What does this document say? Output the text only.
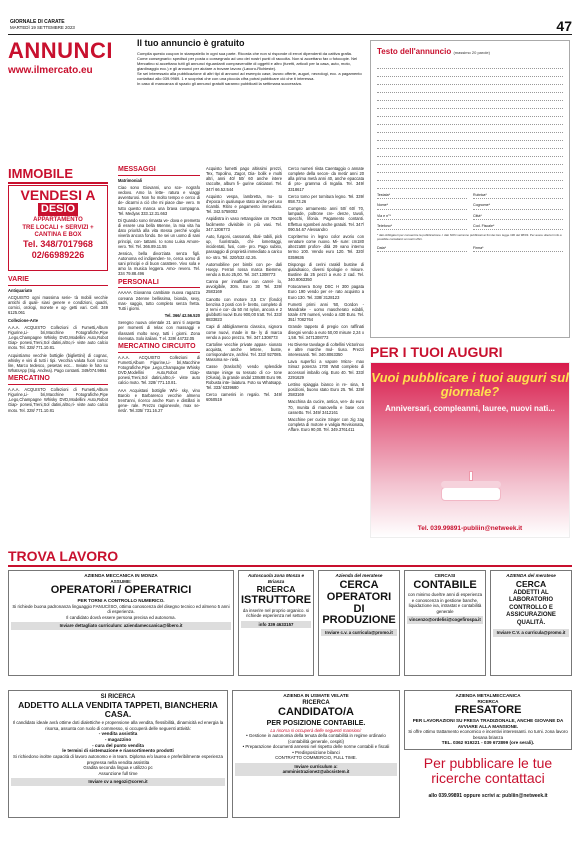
GIORNALE DI CARATE
MARTEDÌ 19 SETTEMBRE 2023	47
ANNUNCI
www.ilmercato.eu
Il tuo annuncio è gratuito

Compila questo coupon in stampatello in ogni sua parte. Ricorda che non si risponde di errori dipendenti da cattiva grafia.

Come consegnarlo: spedisci per posta o consegnalo ad uno dei nostri punti di raccolta. Non si accettano fax o fotocopie. Nel Mercatino si accettano tutti gli annunci riguardanti compravendite di oggetti e altro (furetti, articoli per la casa, auto, moto, giardinaggio ecc.) e gli annunci per aiutare a trovare lavoro (Lavoro-Richieste).

Se sei interessato alla pubblicazione di altri tipi di annunci ad esempio case, lavoro offerte, auguri, necrologi, ecc. a pagamento contattaci allo 039.9989. 1 e scoprirai che con una piccola cifra potrai pubblicare ciò che ti interessa.

In caso di mancanza di spazio gli annunci gratuiti saranno pubblicati la settimana successiva.

Testo dell'annuncio (massimo 20 parole)
Testata*	Rubrica*
Nome*	Cognome*
Via e n°*	Città*
Telefono*	Cod. Fiscale*
* dati obbligatori per consentire la pubblicazione. I dati NON verranno pubblicati ai fini dei loro legge 196 del 98/03. Per avere ulteriori info è possibile contattarci ai nostri uffici.
Data*	Firma*
IMMOBILE
VENDESI A
DESIO
APPARTAMENTO
TRE LOCALI + SERVIZI + CANTINA E BOX
Tel. 348/7017968 02/66989226
VARIE

Antiquariato

ACQUISTO ogni massima serie- tà mobili vecchie antichi di quali- siasi genere e condizioni, quadri, cornici, orologi, monete e og- getti vari. Cell. 349 6125.061

Collezione-Arte

A.A.A. ACQUISTO Collezioni di Fumetti,Album Figurine,Li- bri,Macchine Fotografiche,Pipe ,Lego,Champagne Whisky DVD,Modellini Auto,Robot Giap- ponesi,Treni,Sol datini,altro,ri- viste auto calcio moto. Tel. 328/ 771.10.81.

Acquistiamo vecchie bottiglie (bigliettini) di cognac, whisky e vini di tutti i tipi. Vecchia valuta fuori corso: lire, Marco tedesco, pesetas ecc... Inviate le foto su WhatsApp (Sig. Andrea). Pago contanti. 349/074.9864

MERCATINO

A.A.A. ACQUISTO Collezioni di Fumetti,Album Figurine,Li- bri,Macchine Fotografiche,Pipe ,Lego,Champagne Whisky DVD,Modellini Auto,Robot Giap- ponesi,Treni,Sol datini,altro,ri- viste auto calcio moto. Tel. 328/ 771.10.81

MESSAGGI

Matrimoniali

Ciao sono Giovanni, uno sce- nografo vedovo. Amo la lette- ratura e viaggi avventurosi. Non ho molto tempo e cerco di de- dicarmi a ciò che mi piace dav- vero. In tutto questo manca una brava compagna. Tel. Medyas 333.12.31.663

Di Quando sono rimasta ve- dova e premetto di essere una bella 66enne, la mia vita ha dato priorità alla vita stessa perché voglio viverla ancora fondo. Se sei un uomo di sani principi, con- tattami. Io sono Luisa Amore- vero. Tel. Tel. 366.89.11.55

Jessica, bella divorziata senza figli. Autonoma ed indipenden- te, cerca uomo di sani principi e di buon carattere. Vivo sola e amo la musica leggera. Amo- revero. Tel. 334 79.88.496

PERSONALI

AAAAA Giovanna cambiate nuova ragazza coreana 24enne bellissima, bionda, sexy, mas- saggio, tutto completo senza fretta. Tutti i giorni.

Tel. 366/ 42.56.520

Seregno nuova orientale 21 anni ti aspetta per momenti di relax con massaggi e rilassanti molto sexy, tutti i giorni. Zona riservata. Solo italiani. T el. 339/ 44732.05

MERCATINO CIRCUITO

A.A.A. ACQUISTO Collezioni di Fumetti,Album Figurine,Li- bri,Macchine Fotografiche,Pipe ,Lego,Champagne Whisky DVD,Modellini Auto,Robot Giap- ponesi,Treni,Sol datini,altro,ri- viste auto calcio moto. Tel. 328/ 771.10.81.

AAA Acquistasi bottiglie Whi- sky, vino Barolo e Barbaresco vecchie almeno trent'anni, ricerco anche Rum e distillati in gene- rale. Prezzo ragionevole, max se- rietà'. Tel.335/ 731.16.27

Acquisto fumetti pago altissimi prezzi, Tex, Topolino, Zagor, Dia- bolik e molti altri, anni 40/ 50/ 60 anche intere raccolte, album fi- gurine calciatori. Tel. 347/ 66.52.544

Acquisto vespa, lambretta, mo- to d'epoca in qualunque stato anche per uso ricambi. Ritiro e pagamento immediato. Tel. 342.5758002

Aspidistra in vaso rettangolare cm 70x35 facilmente divisibile in più vasi. Tel. 347.1308773

Auto, furgoni, cassonati, ribal- tabili, pick up, fuoristrada, chi- lometraggi, incidentati, fusi, com- pro. Pago subito, passaggio di proprietà immediato a carico no- stro. Tel. 320/532 42.26.

Automobiline per bimbi con pe- dali Hoepy. Ferrari rossa marca Biemme, vendo a Euro 25,00. Tel. 347.1308773

Canna per innaffiare con carrel- lo, avvolgibile, 30m. Euro 30 Tel. 339/ 2583169

Canotto con motore 3,5 CV (fondo) benzina 3 posti con li- bretto, completo di 2 remi e cor- da 50 mt nylon, ancora e 2 giubbotti nuovi Euro 900,00 tratt. Tel. 333/ 8833823

Capi di abbigliamento classico, signora come nuovi, made in Ita- ly di marca vendo a poco prezzo. Tel. 347.1308773

Cartoline vecchie private appas- sionato acquista, anche lettere, buste, corrispondenze, archivi. Tel. 333/ 927085. Massima se- rietà.

Casse (traslochi) vendo splendide stampe inisge su tessuto di co- tone (Olusia), la grande ondal 138x88 Euro 99. Robusta inte- laiatura. Foto su Whatsapp. Tel. 333/ 6339680

Cerco camerini in regalo. Tel. 349/ 6050519

Cerco numeri riista Caentaggio o annate complete della secon- da metà' anni 20 alla prima metà anni 40, anche epaccata di pro- gramma di Ingalia. Tel. 349/ 3318617

Cerco tomo per tornitura legno. Tel. 339/ 858.73.26

Compro armamento anni 50/ 60/ 70, lampade, poltrone cre- denze, tavoli, specchi, lifonia. Pagamento contanti. Effettuo sgomberi anche gratuiti. Tel. 347/ 090.54.67 Alessandro

Copritermo in legno color avorio con venature come nuovo. Mi- sure: cm180 altezza58 profon- dità 29 vano interno termo 100. Vendo euro 120. Tel. 320/ 0359636

Dispongo di cerini rarakil bustine di gialadsaico, diversi tipologie e misure. Bustine da 25 pezzi a euro 2 cad. Tel. 340.8063350

Fotocamera Sony DSC H 300 pagata Euro 190 vendo per er- rato acquisto a Euro 130. Tel. 338/ 3128123

Fumetti primi anni '60, Gordon - Mandrake - uomo mascherato edabli, totale 478 numeri, vendo a 430 Euro. Tel. 351/ 7082764

Grande tappeto di pregio con raffinati disegni vendo a euro 50,00 misure 2,24 x 1,58. Tel. 3471308773

Ho Diverse tavolage di coltellini Victorinox e altre marche mul- tiuso. Prezzi interessanti. Tel. 340.8063350

Lava superfici a vapore Micro- max Simaz potenza 1700 Watt completo di accessori imballo orig. Euro 40. Tel. 333/ 2291629

Lettino spiaggia bianco in re- sina, 5 posizioni, buono stato Euro 25. Tel. 339/ 2583169

Macchina da cucire, antica, ven- do euro 70, munita di manovella e base con cassetto. Tel. 349/ 3412161

Macchine per cucire Singer con zig zag completa di motore e valigia Revisionata, Affare. Euro 90,00. Tel. 349.3761411

PER I TUOI AUGURI
Vuoi pubblicare i tuoi auguri sul giornale?
Anniversari, compleanni, lauree, nuovi nati...
Tel. 039.99891-publiin@netweek.it
TROVA LAVORO
AZIENDA MECCANICA IN MONZA
ASSUME:
OPERATORI / OPERATRICI
PER TORNI A CONTROLLO NUMERICO.
Si richiede buona padronanza linguaggio FANUC/ISO, ottima conoscenza del disegno tecnico ed almeno 5 anni di esperienza.
Il candidato dovrà essere persona precisa ed autonoma.
Inviare dettagliato curriculum: aziendameccanica@libero.it
Autoscuola zona Monza e Brianza
RICERCA
ISTRUTTORE
da inserire nel proprio organico. si richiede esperienza nel settore
info 339 4633157
Azienda del meratese
CERCA
OPERATORI DI PRODUZIONE
Inviare c.v. a curricula@promo.it
CERCASI
CONTABILE
con minimo due/tre anni di esperienza e conoscenza in gestione banche, liquidazione iva, intrastat e contabilità generale
vincenzo@ordelisi@cogefirospa.it
AZIENDA del meratese
CERCA
ADDETTI AL LABORATORIO CONTROLLO E ASSICURAZIONE QUALITÀ.
Inviare C.V. a curricula@promo.it
SI RICERCA
ADDETTO ALLA VENDITA TAPPETI, BIANCHERIA CASA.
Il candidato ideale avrà ottime doti dialettiche e propensione alla vendita, flessibilità, dinamicità ed energia la risorsa, assunta con ruolo di commesso, si occuperà delle seguenti attività:
- vendita assistita
- magazzino
- cura del punto vendita
le termini di sistemazione e riassortimento prodotti
Si richiedono inoltre capacità di lavoro autonomo e in team. Diploma e/o laurea e preferibilmente esperienza pregressa nella vendita assistita
Gradita seconda lingua e utilizzo pc
Assunzione full time
Inviare cv a negozi@coren.it
AZIENDA IN USMATE VELATE
RICERCA
CANDIDATO/A
PER POSIZIONE CONTABILE.
La risorsa si occuperà delle seguenti mansioni:
• Gestione in autonomia della tenuta della contabilità in regime ordinario (contabilità generale, cespiti)
• Preparazione documenti annessi nel rispetto delle norme contabili e fiscali
• Predisposizione bilanci
CONTRATTO COMMERCIO, FULL TIME.
Inviare curriculum a:
amministrazione2@abcsistem.it
AZIENDA METALMECCANICA
RICERCA
FRESATORE
PER LAVORAZIONI SU FRESA TRADIZIONALE, ANCHE GIOVANE DA AVVIARE ALLA MANSIONE.
Si offre ottimo trattamento economico e incentivi interessanti. no turni. zona lavoro besana brianza
TEL. 0362 919221 - 039 672899 (ore serali).
Per pubblicare le tue ricerche contattaci
allo 039.99891 oppure scrivi a: publiin@netweek.it
